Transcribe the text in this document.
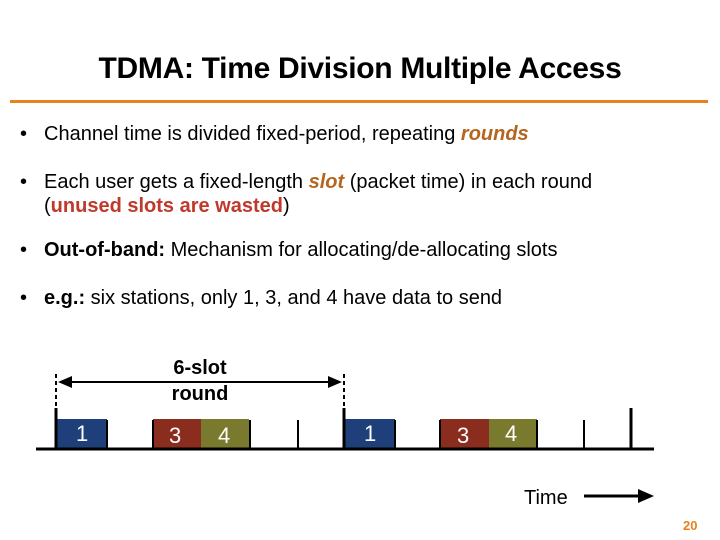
TDMA: Time Division Multiple Access
• Channel time is divided fixed-period, repeating rounds
• Each user gets a fixed-length slot (packet time) in each round
(unused slots are wasted)
• Out-of-band: Mechanism for allocating/de-allocating slots
• e.g.: six stations, only 1, 3, and 4 have data to send
1	3 4	1	3 4
6-slot
round
Time
20
